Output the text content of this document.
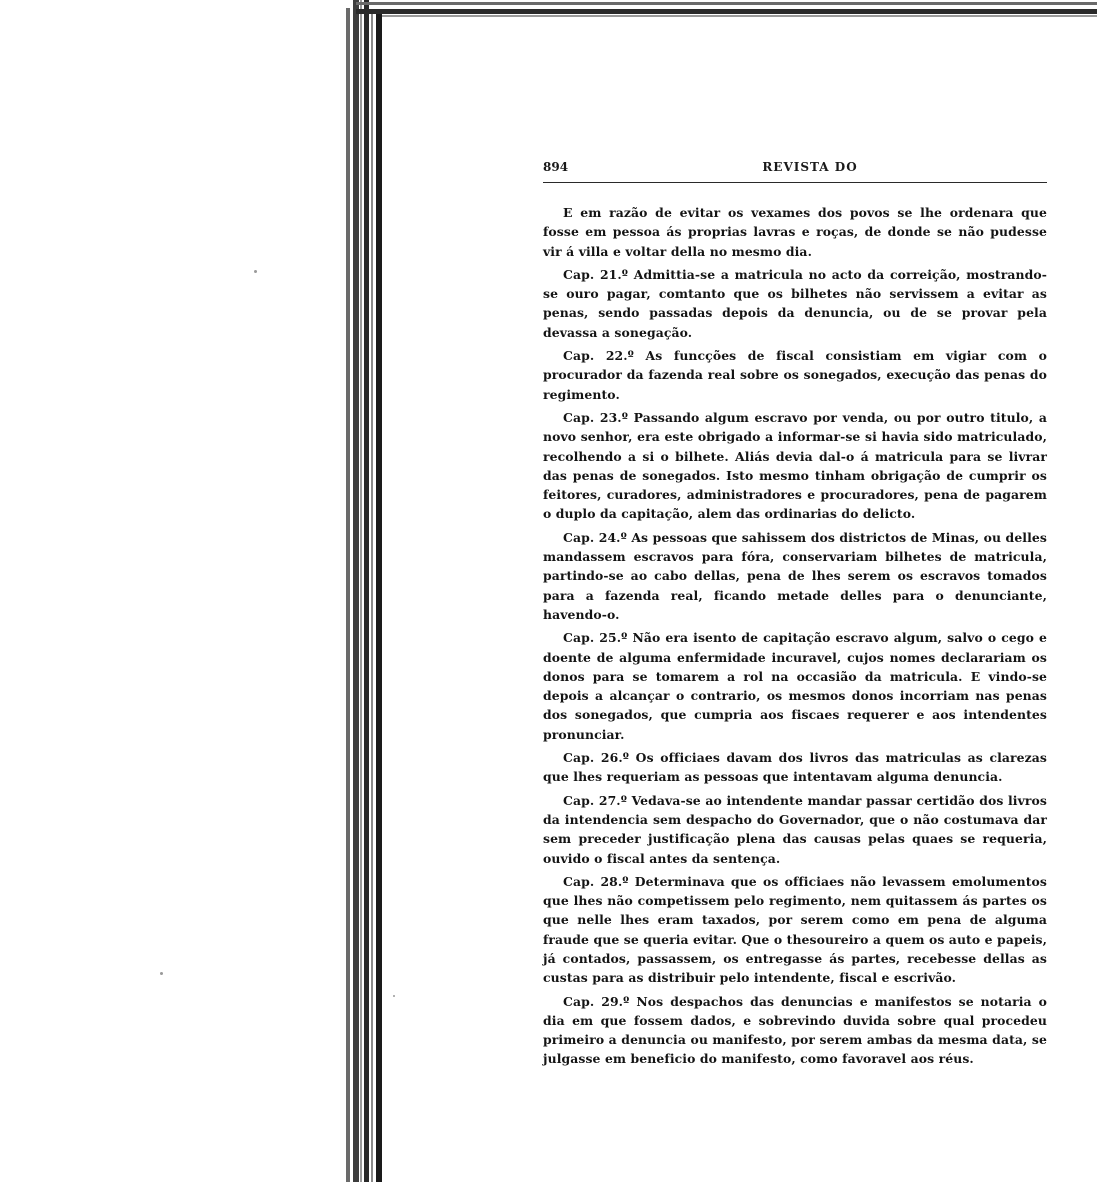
894	REVISTA DO

E em razão de evitar os vexames dos povos se lhe ordenara que fosse em pessoa ás proprias lavras e roças, de donde se não pudesse vir á villa e voltar della no mesmo dia.

Cap. 21.º Admittia-se a matricula no acto da correição, mostrando-se ouro pagar, comtanto que os bilhetes não servissem a evitar as penas, sendo passadas depois da denuncia, ou de se provar pela devassa a sonegação.

Cap. 22.º As funcções de fiscal consistiam em vigiar com o procurador da fazenda real sobre os sonegados, execução das penas do regimento.

Cap. 23.º Passando algum escravo por venda, ou por outro titulo, a novo senhor, era este obrigado a informar-se si havia sido matriculado, recolhendo a si o bilhete. Aliás devia dal-o á matricula para se livrar das penas de sonegados. Isto mesmo tinham obrigação de cumprir os feitores, curadores, administradores e procuradores, pena de pagarem o duplo da capitação, alem das ordinarias do delicto.

Cap. 24.º As pessoas que sahissem dos districtos de Minas, ou delles mandassem escravos para fóra, conservariam bilhetes de matricula, partindo-se ao cabo dellas, pena de lhes serem os escravos tomados para a fazenda real, ficando metade delles para o denunciante, havendo-o.

Cap. 25.º Não era isento de capitação escravo algum, salvo o cego e doente de alguma enfermidade incuravel, cujos nomes declarariam os donos para se tomarem a rol na occasião da matricula. E vindo-se depois a alcançar o contrario, os mesmos donos incorriam nas penas dos sonegados, que cumpria aos fiscaes requerer e aos intendentes pronunciar.

Cap. 26.º Os officiaes davam dos livros das matriculas as clarezas que lhes requeriam as pessoas que intentavam alguma denuncia.

Cap. 27.º Vedava-se ao intendente mandar passar certidão dos livros da intendencia sem despacho do Governador, que o não costumava dar sem preceder justificação plena das causas pelas quaes se requeria, ouvido o fiscal antes da sentença.

Cap. 28.º Determinava que os officiaes não levassem emolumentos que lhes não competissem pelo regimento, nem quitassem ás partes os que nelle lhes eram taxados, por serem como em pena de alguma fraude que se queria evitar. Que o thesoureiro a quem os auto e papeis, já contados, passassem, os entregasse ás partes, recebesse dellas as custas para as distribuir pelo intendente, fiscal e escrivão.

Cap. 29.º Nos despachos das denuncias e manifestos se notaria o dia em que fossem dados, e sobrevindo duvida sobre qual procedeu primeiro a denuncia ou manifesto, por serem ambas da mesma data, se julgasse em beneficio do manifesto, como favoravel aos réus.
